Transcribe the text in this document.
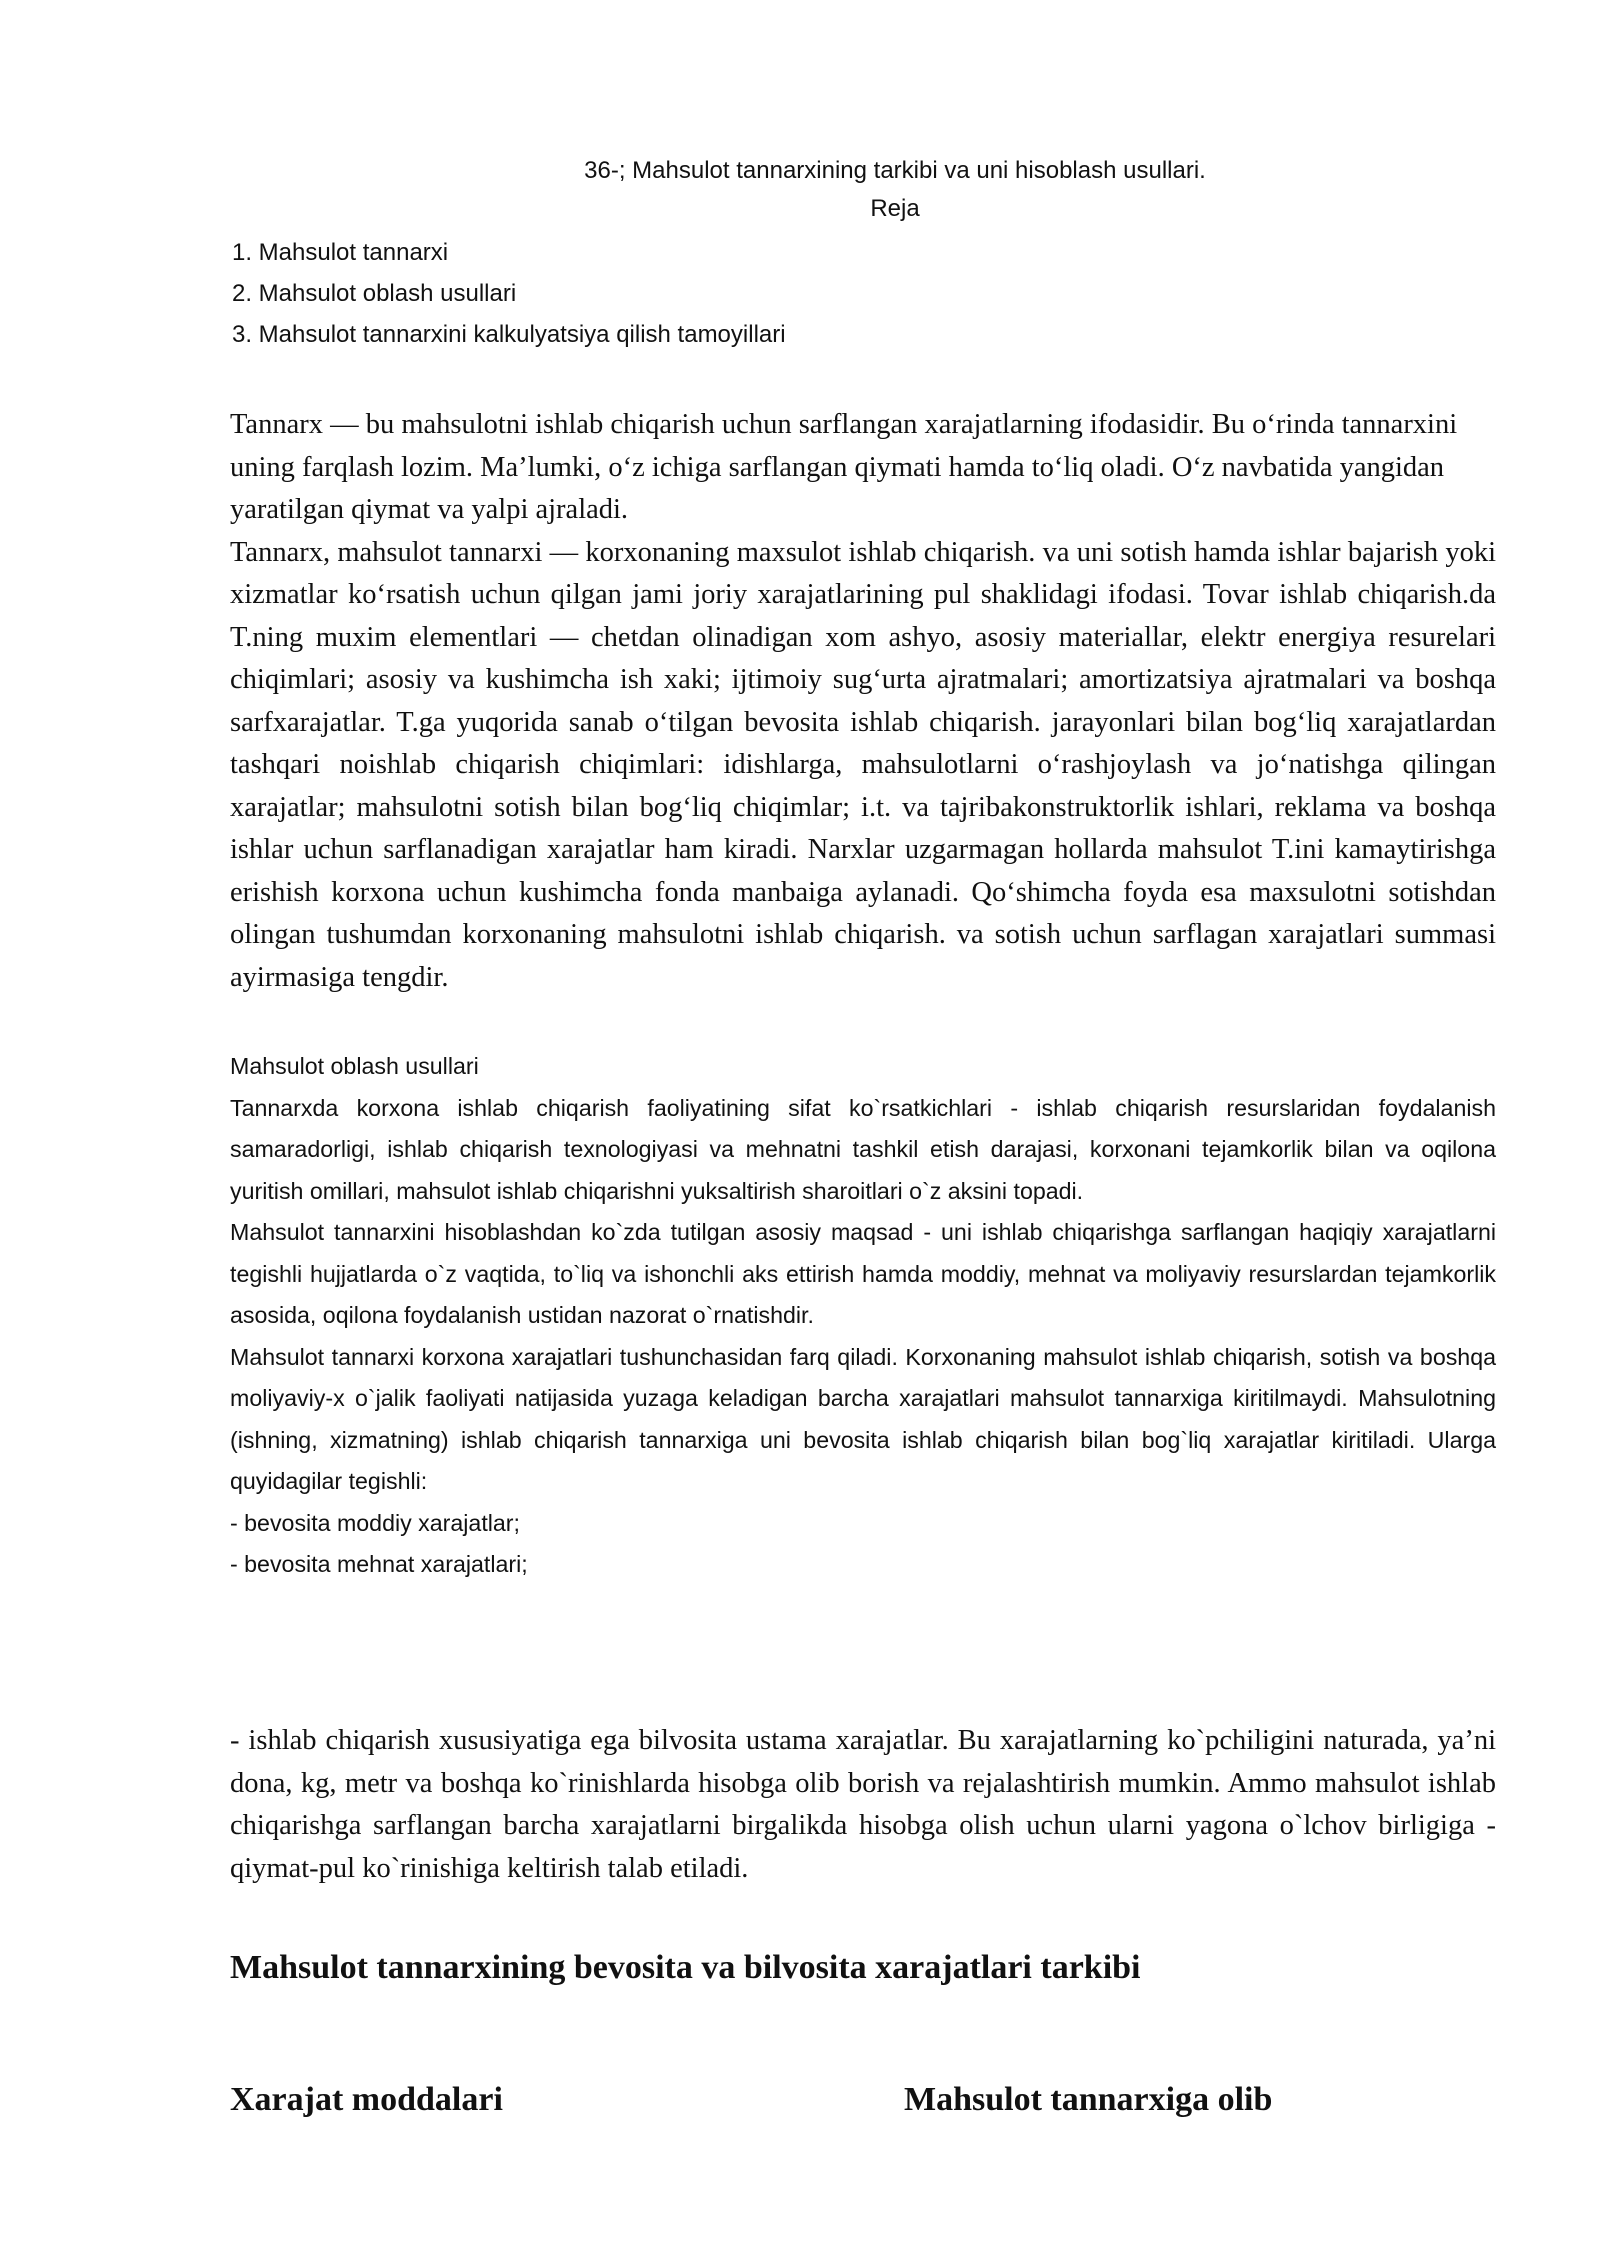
36-; Mahsulot tannarxining tarkibi va uni hisoblash usullari.

Reja
1. Mahsulot tannarxi
2. Mahsulot oblash usullari
3. Mahsulot tannarxini kalkulyatsiya qilish tamoyillari

Tannarx — bu mahsulotni ishlab chiqarish uchun sarflangan xarajatlarning ifodasidir. Bu o‘rinda tannarxini uning farqlash lozim. Ma’lumki, o‘z ichiga sarflangan qiymati hamda to‘liq oladi. O‘z navbatida yangidan yaratilgan qiymat va yalpi ajraladi.

Tannarx, mahsulot tannarxi — korxonaning maxsulot ishlab chiqarish. va uni sotish hamda ishlar bajarish yoki xizmatlar ko‘rsatish uchun qilgan jami joriy xarajatlarining pul shaklidagi ifodasi. Tovar ishlab chiqarish.da T.ning muxim elementlari — chetdan olinadigan xom ashyo, asosiy materiallar, elektr energiya resurelari chiqimlari; asosiy va kushimcha ish xaki; ijtimoiy sug‘urta ajratmalari; amortizatsiya ajratmalari va boshqa sarfxarajatlar. T.ga yuqorida sanab o‘tilgan bevosita ishlab chiqarish. jarayonlari bilan bog‘liq xarajatlardan tashqari noishlab chiqarish chiqimlari: idishlarga, mahsulotlarni o‘rashjoylash va jo‘natishga qilingan xarajatlar; mahsulotni sotish bilan bog‘liq chiqimlar; i.t. va tajribakonstruktorlik ishlari, reklama va boshqa ishlar uchun sarflanadigan xarajatlar ham kiradi. Narxlar uzgarmagan hollarda mahsulot T.ini kamaytirishga erishish korxona uchun kushimcha fonda manbaiga aylanadi. Qo‘shimcha foyda esa maxsulotni sotishdan olingan tushumdan korxonaning mahsulotni ishlab chiqarish. va sotish uchun sarflagan xarajatlari summasi ayirmasiga tengdir.

Mahsulot oblash usullari

Tannarxda korxona ishlab chiqarish faoliyatining sifat ko`rsatkichlari - ishlab chiqarish resurslaridan foydalanish samaradorligi, ishlab chiqarish texnologiyasi va mehnatni tashkil etish darajasi, korxonani tejamkorlik bilan va oqilona yuritish omillari, mahsulot ishlab chiqarishni yuksaltirish sharoitlari o`z aksini topadi.

Mahsulot tannarxini hisoblashdan ko`zda tutilgan asosiy maqsad - uni ishlab chiqarishga sarflangan haqiqiy xarajatlarni tegishli hujjatlarda o`z vaqtida, to`liq va ishonchli aks ettirish hamda moddiy, mehnat va moliyaviy resurslardan tejamkorlik asosida, oqilona foydalanish ustidan nazorat o`rnatishdir.

Mahsulot tannarxi korxona xarajatlari tushunchasidan farq qiladi. Korxonaning mahsulot ishlab chiqarish, sotish va boshqa moliyaviy-x o`jalik faoliyati natijasida yuzaga keladigan barcha xarajatlari mahsulot tannarxiga kiritilmaydi. Mahsulotning (ishning, xizmatning) ishlab chiqarish tannarxiga uni bevosita ishlab chiqarish bilan bog`liq xarajatlar kiritiladi. Ularga quyidagilar tegishli:

- bevosita moddiy xarajatlar;

- bevosita mehnat xarajatlari;

- ishlab chiqarish xususiyatiga ega bilvosita ustama xarajatlar. Bu xarajatlarning ko`pchiligini naturada, ya’ni dona, kg, metr va boshqa ko`rinishlarda hisobga olib borish va rejalashtirish mumkin. Ammo mahsulot ishlab chiqarishga sarflangan barcha xarajatlarni birgalikda hisobga olish uchun ularni yagona o`lchov birligiga - qiymat-pul ko`rinishiga keltirish talab etiladi.

Mahsulot tannarxining bevosita va bilvosita xarajatlari tarkibi
Xarajat moddalari	Mahsulot tannarxiga olib
